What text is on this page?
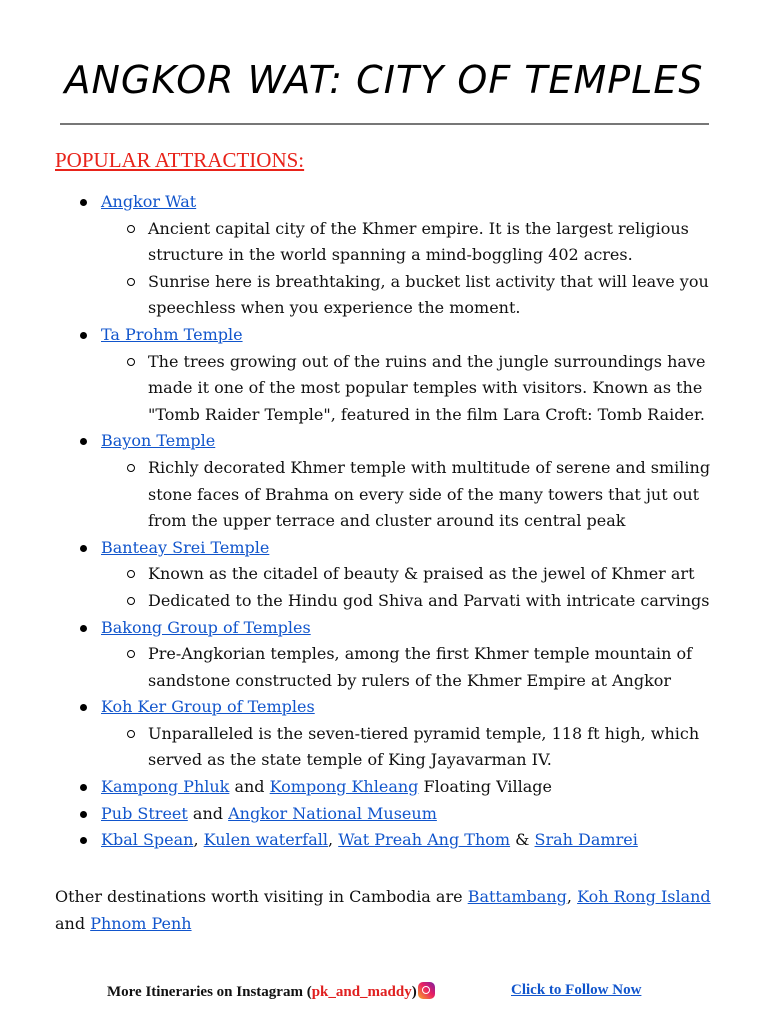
ANGKOR WAT: CITY OF TEMPLES
POPULAR ATTRACTIONS:
Angkor Wat
Ancient capital city of the Khmer empire. It is the largest religious structure in the world spanning a mind-boggling 402 acres.
Sunrise here is breathtaking, a bucket list activity that will leave you speechless when you experience the moment.
Ta Prohm Temple
The trees growing out of the ruins and the jungle surroundings have made it one of the most popular temples with visitors. Known as the "Tomb Raider Temple", featured in the film Lara Croft: Tomb Raider.
Bayon Temple
Richly decorated Khmer temple with multitude of serene and smiling stone faces of Brahma on every side of the many towers that jut out from the upper terrace and cluster around its central peak
Banteay Srei Temple
Known as the citadel of beauty & praised as the jewel of Khmer art
Dedicated to the Hindu god Shiva and Parvati with intricate carvings
Bakong Group of Temples
Pre-Angkorian temples, among the first Khmer temple mountain of sandstone constructed by rulers of the Khmer Empire at Angkor
Koh Ker Group of Temples
Unparalleled is the seven-tiered pyramid temple, 118 ft high, which served as the state temple of King Jayavarman IV.
Kampong Phluk and Kompong Khleang Floating Village
Pub Street and Angkor National Museum
Kbal Spean, Kulen waterfall, Wat Preah Ang Thom & Srah Damrei
Other destinations worth visiting in Cambodia are Battambang, Koh Rong Island and Phnom Penh
More Itineraries on Instagram (pk_and_maddy)	Click to Follow Now
